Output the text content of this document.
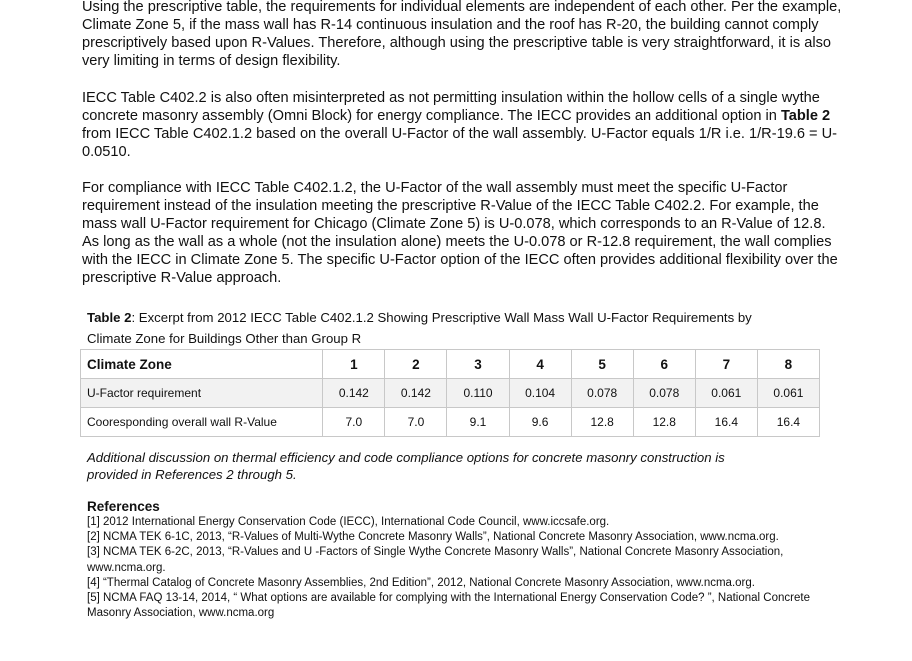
Using the prescriptive table, the requirements for individual elements are independent of each other. Per the example, Climate Zone 5, if the mass wall has R-14 continuous insulation and the roof has R-20, the building cannot comply prescriptively based upon R-Values. Therefore, although using the prescriptive table is very straightforward, it is also very limiting in terms of design flexibility.

IECC Table C402.2 is also often misinterpreted as not permitting insulation within the hollow cells of a single wythe concrete masonry assembly (Omni Block) for energy compliance. The IECC provides an additional option in Table 2 from IECC Table C402.1.2 based on the overall U-Factor of the wall assembly. U-Factor equals 1/R i.e. 1/R-19.6 = U-0.0510.

For compliance with IECC Table C402.1.2, the U-Factor of the wall assembly must meet the specific U-Factor requirement instead of the insulation meeting the prescriptive R-Value of the IECC Table C402.2. For example, the mass wall U-Factor requirement for Chicago (Climate Zone 5) is U-0.078, which corresponds to an R-Value of 12.8. As long as the wall as a whole (not the insulation alone) meets the U-0.078 or R-12.8 requirement, the wall complies with the IECC in Climate Zone 5. The specific U-Factor option of the IECC often provides additional flexibility over the prescriptive R-Value approach.

Table 2: Excerpt from 2012 IECC Table C402.1.2 Showing Prescriptive Wall Mass Wall U-Factor Requirements by Climate Zone for Buildings Other than Group R

Climate Zone	1	2	3	4	5	6	7	8
U-Factor requirement	0.142	0.142	0.110	0.104	0.078	0.078	0.061	0.061
Cooresponding overall wall R-Value	7.0	7.0	9.1	9.6	12.8	12.8	16.4	16.4

Additional discussion on thermal efficiency and code compliance options for concrete masonry construction is provided in References 2 through 5.

References

[1] 2012 International Energy Conservation Code (IECC), International Code Council, www.iccsafe.org.
[2] NCMA TEK 6-1C, 2013, “R-Values of Multi-Wythe Concrete Masonry Walls”, National Concrete Masonry Association, www.ncma.org.
[3] NCMA TEK 6-2C, 2013, “R-Values and U -Factors of Single Wythe Concrete Masonry Walls”, National Concrete Masonry Association, www.ncma.org.
[4] “Thermal Catalog of Concrete Masonry Assemblies, 2nd Edition”, 2012, National Concrete Masonry Association, www.ncma.org.
[5] NCMA FAQ 13-14, 2014, “ What options are available for complying with the International Energy Conservation Code? ”, National Concrete Masonry Association, www.ncma.org
